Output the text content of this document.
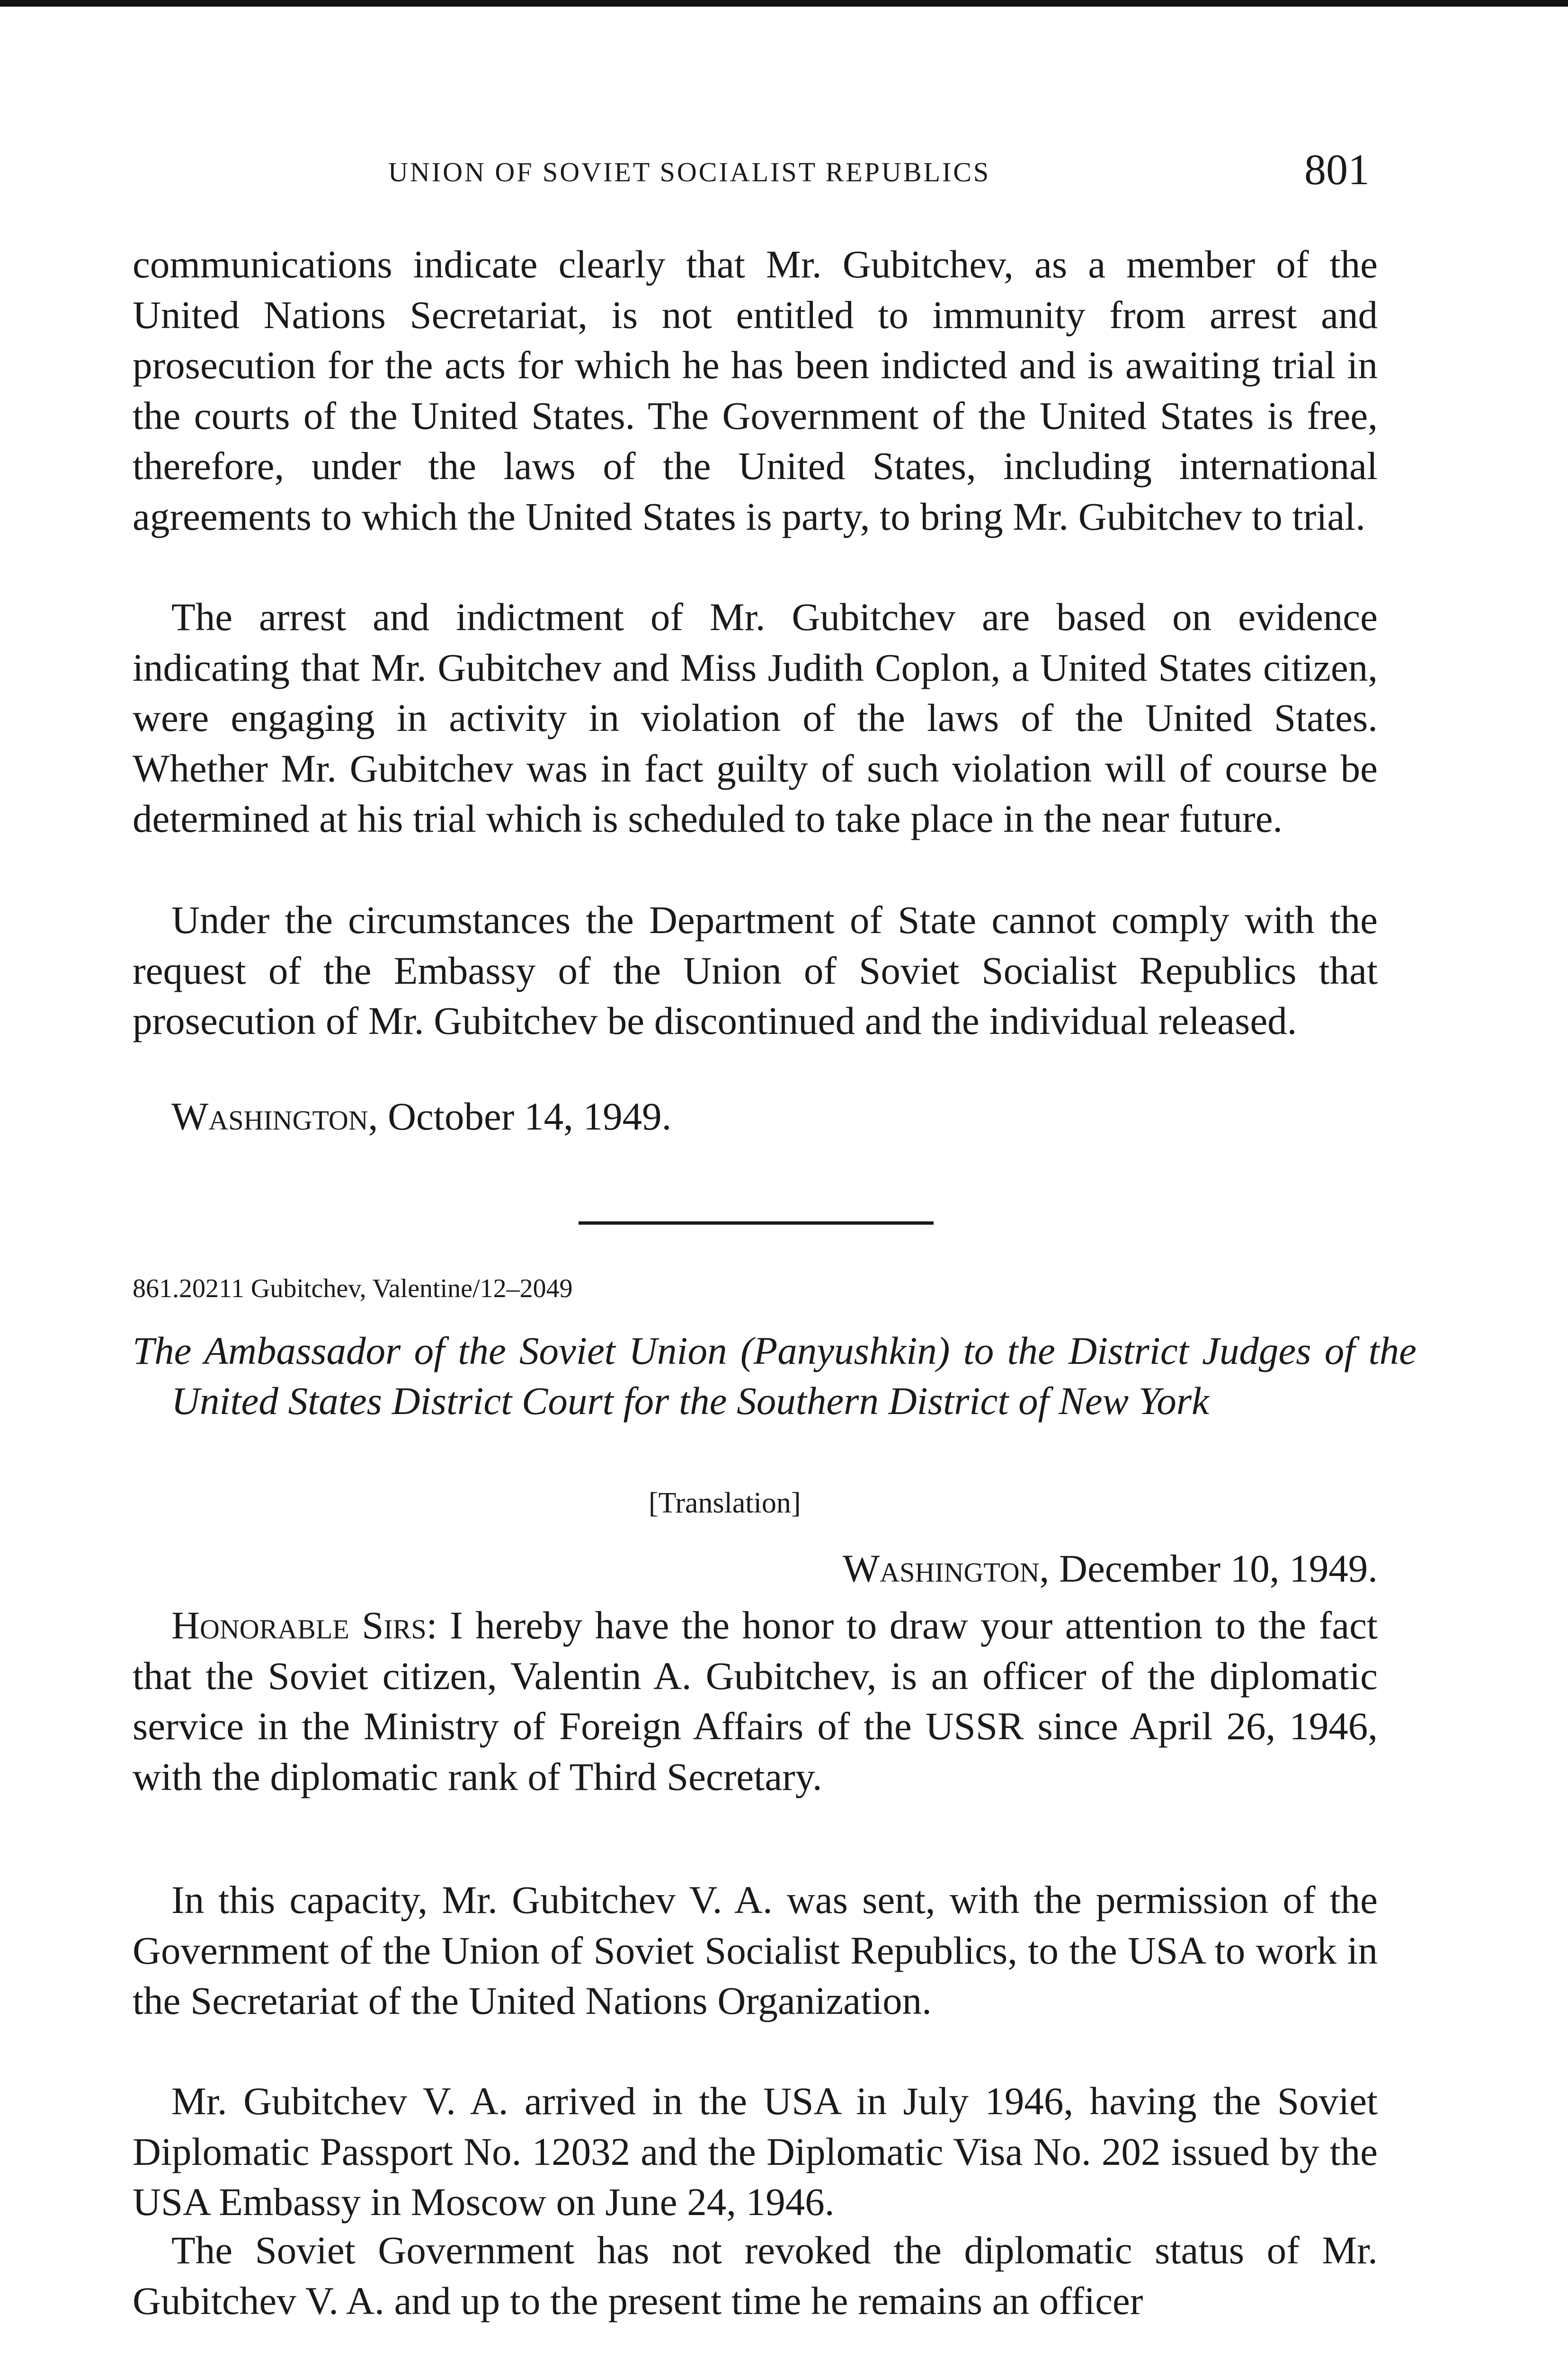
UNION OF SOVIET SOCIALIST REPUBLICS	801

communications indicate clearly that Mr. Gubitchev, as a member of the United Nations Secretariat, is not entitled to immunity from arrest and prosecution for the acts for which he has been indicted and is awaiting trial in the courts of the United States. The Government of the United States is free, therefore, under the laws of the United States, including international agreements to which the United States is party, to bring Mr. Gubitchev to trial.

The arrest and indictment of Mr. Gubitchev are based on evidence indicating that Mr. Gubitchev and Miss Judith Coplon, a United States citizen, were engaging in activity in violation of the laws of the United States. Whether Mr. Gubitchev was in fact guilty of such violation will of course be determined at his trial which is scheduled to take place in the near future.

Under the circumstances the Department of State cannot comply with the request of the Embassy of the Union of Soviet Socialist Republics that prosecution of Mr. Gubitchev be discontinued and the individual released.

Washington, October 14, 1949.
861.20211 Gubitchev, Valentine/12–2049

The Ambassador of the Soviet Union (Panyushkin) to the District Judges of the United States District Court for the Southern District of New York

[Translation]
Washington, December 10, 1949.

Honorable Sirs: I hereby have the honor to draw your attention to the fact that the Soviet citizen, Valentin A. Gubitchev, is an officer of the diplomatic service in the Ministry of Foreign Affairs of the USSR since April 26, 1946, with the diplomatic rank of Third Secretary.

In this capacity, Mr. Gubitchev V. A. was sent, with the permission of the Government of the Union of Soviet Socialist Republics, to the USA to work in the Secretariat of the United Nations Organization.

Mr. Gubitchev V. A. arrived in the USA in July 1946, having the Soviet Diplomatic Passport No. 12032 and the Diplomatic Visa No. 202 issued by the USA Embassy in Moscow on June 24, 1946.

The Soviet Government has not revoked the diplomatic status of Mr. Gubitchev V. A. and up to the present time he remains an officer
